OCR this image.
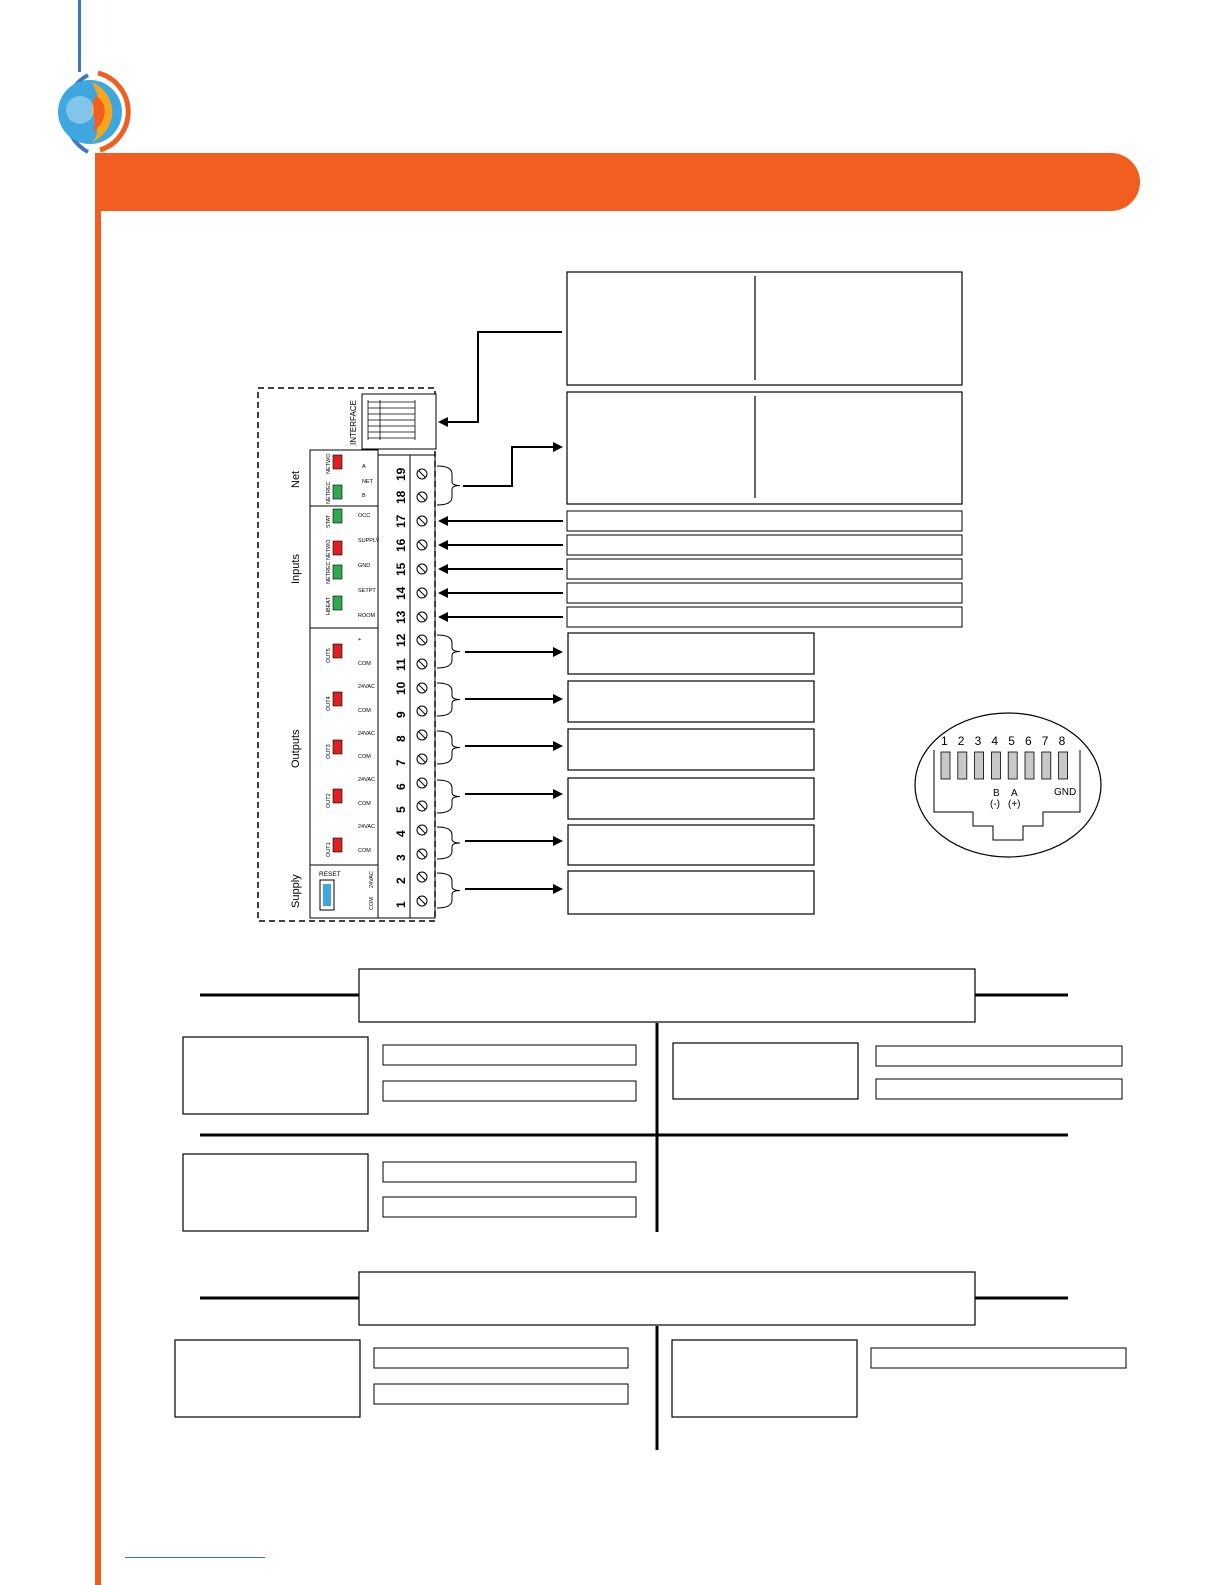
INTERFACE
Net
Inputs
Outputs
Supply
NETWO
NETREC
STAT
NETWO
NETREC
HBEAT
OUT5
OUT4
OUT3
OUT2
OUT1
RESET
A
NET
B
OCC
SUPPLY
GND
SETPT
ROOM
+
COM
24VAC
COM
24VAC
COM
24VAC
COM
24VAC
COM
24VAC
COM
19
18
17
16
15
14
13
12
11
10
9
8
7
6
5
4
3
2
1
1 2 3 4 5 6 7 8
B
(-)
A
(+)
GND
